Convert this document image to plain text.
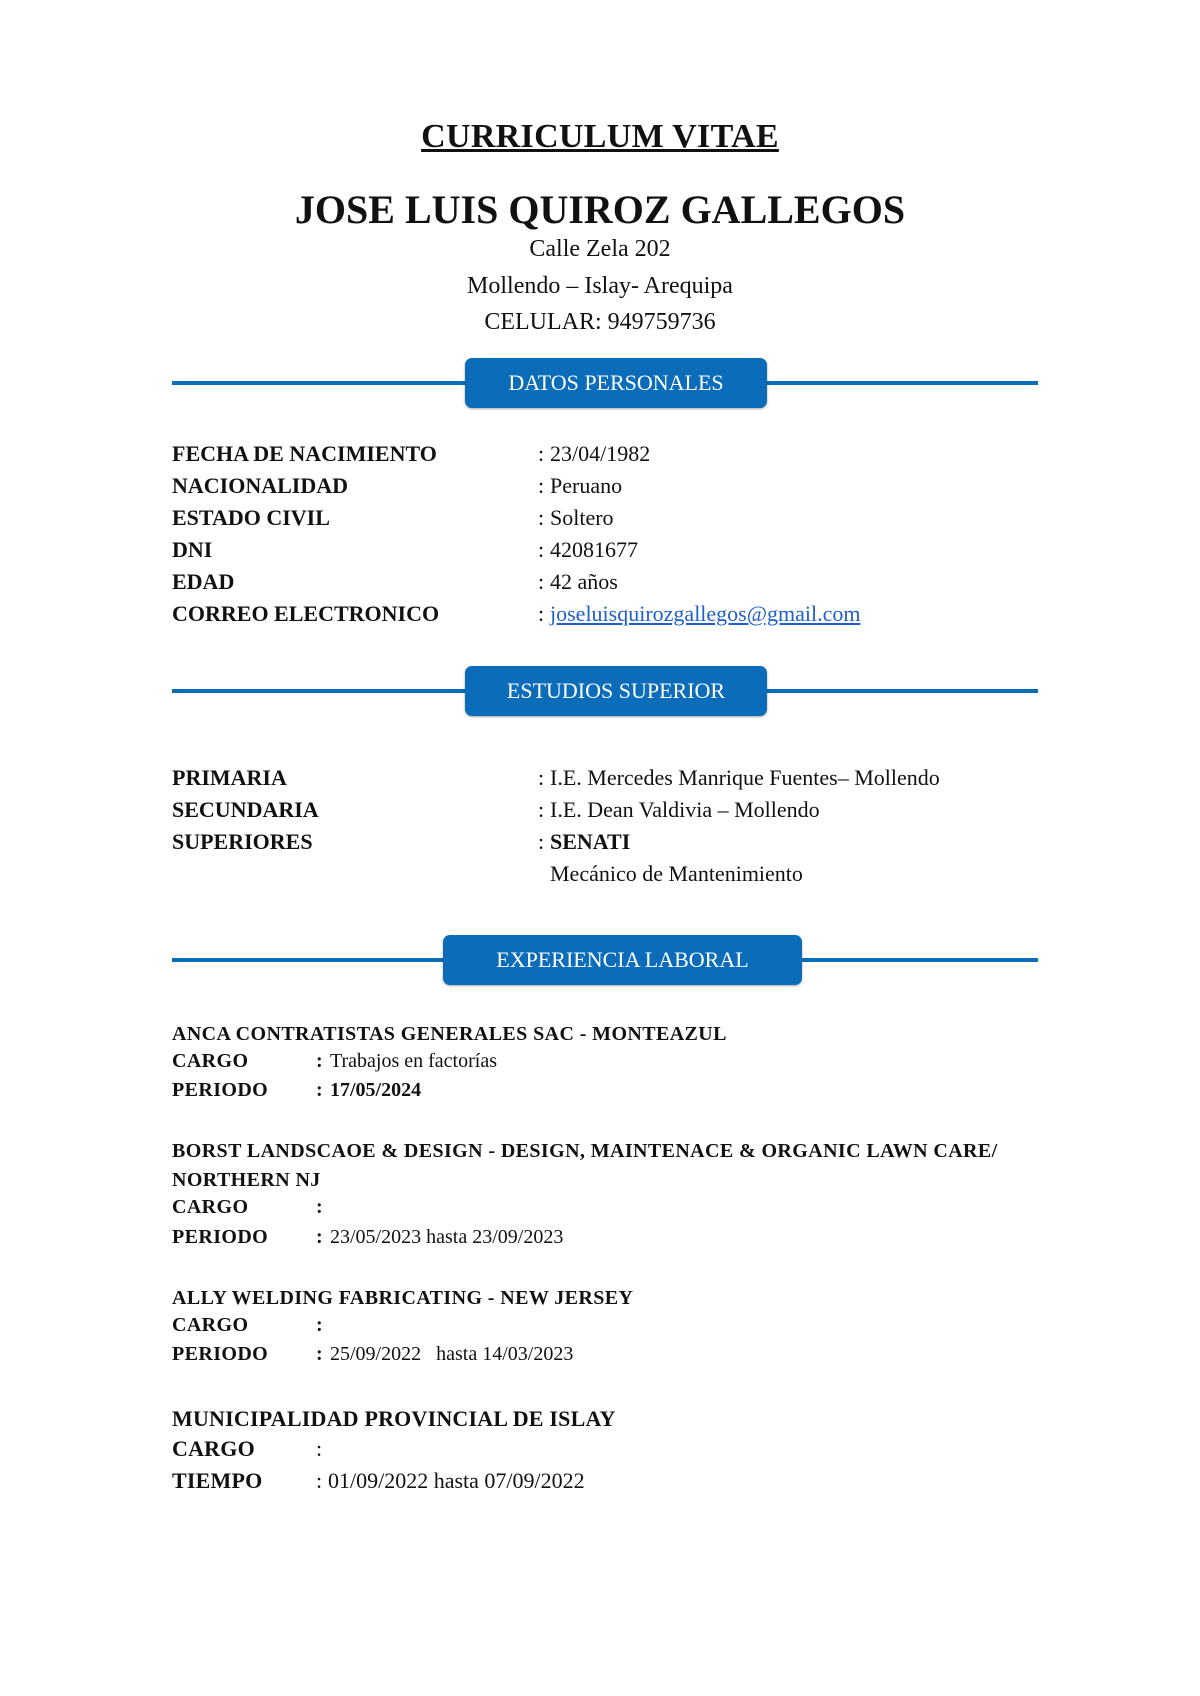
CURRICULUM VITAE
JOSE LUIS QUIROZ GALLEGOS
Calle Zela 202
Mollendo – Islay- Arequipa
CELULAR: 949759736
DATOS PERSONALES
FECHA DE NACIMIENTO	: 23/04/1982
NACIONALIDAD	: Peruano
ESTADO CIVIL	: Soltero
DNI	: 42081677
EDAD	: 42 años
CORREO ELECTRONICO	: joseluisquirozgallegos@gmail.com
ESTUDIOS SUPERIOR
PRIMARIA	: I.E. Mercedes Manrique Fuentes– Mollendo
SECUNDARIA	: I.E. Dean Valdivia – Mollendo
SUPERIORES	: SENATI
Mecánico de Mantenimiento
EXPERIENCIA LABORAL
ANCA CONTRATISTAS GENERALES SAC - MONTEAZUL
CARGO	: Trabajos en factorías
PERIODO : 17/05/2024
BORST LANDSCAOE & DESIGN - DESIGN, MAINTENACE & ORGANIC LAWN CARE/ NORTHERN NJ
CARGO	:
PERIODO : 23/05/2023 hasta 23/09/2023
ALLY WELDING FABRICATING - NEW JERSEY
CARGO	:
PERIODO : 25/09/2022   hasta 14/03/2023
MUNICIPALIDAD PROVINCIAL DE ISLAY
CARGO	:
TIEMPO : 01/09/2022 hasta 07/09/2022
